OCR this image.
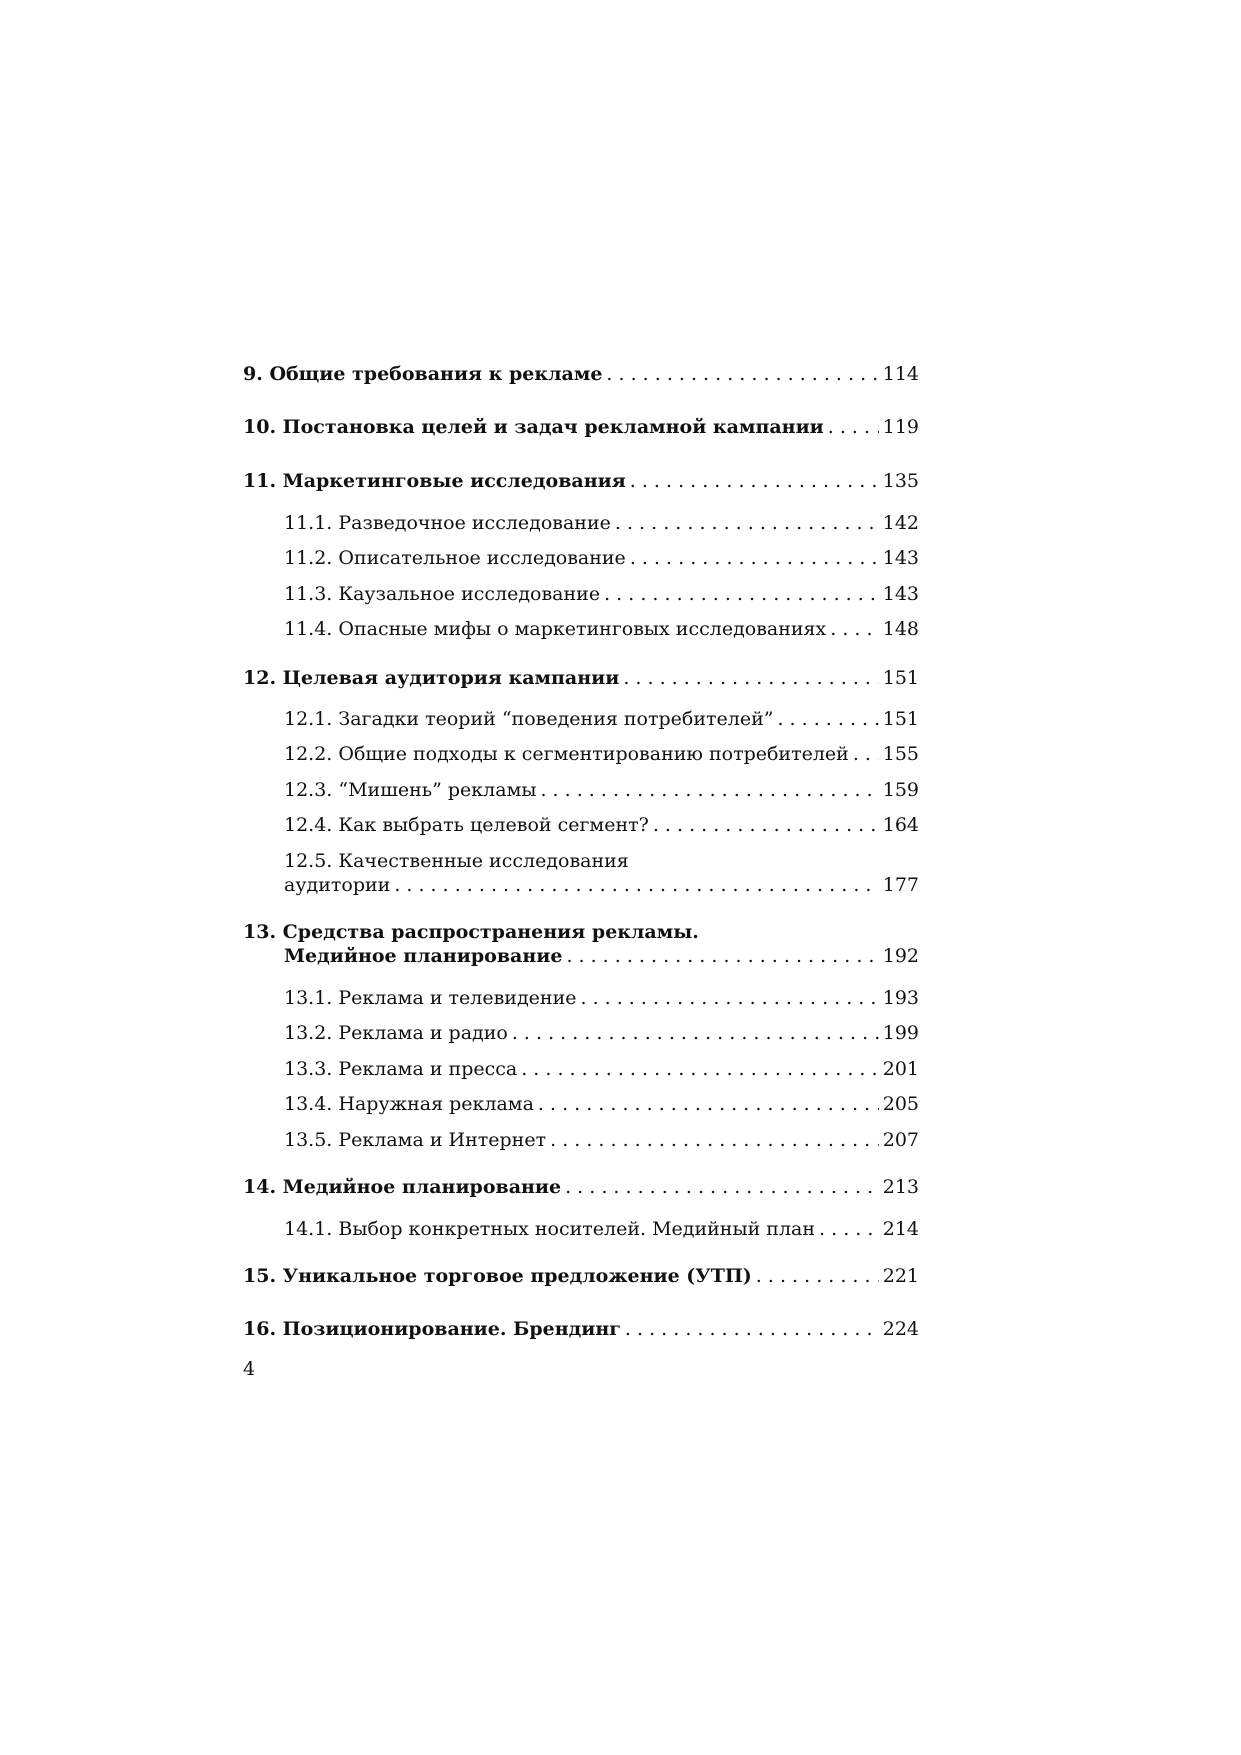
9. Общие требования к рекламе . . .	114
10. Постановка целей и задач рекламной кампании . . .	119
11. Маркетинговые исследования . . .	135
11.1. Разведочное исследование . . .	142
11.2. Описательное исследование . . .	143
11.3. Каузальное исследование . . .	143
11.4. Опасные мифы о маркетинговых исследованиях . . .	148
12. Целевая аудитория кампании . . .	151
12.1. Загадки теорий “поведения потребителей” . . .	151
12.2. Общие подходы к сегментированию потребителей . . . 155
12.3. “Мишень” рекламы . . .	159
12.4. Как выбрать целевой сегмент? . . .	164
12.5. Качественные исследования
аудитории . . .	177
13. Средства распространения рекламы.
Медийное планирование . . .	192
13.1. Реклама и телевидение . . .	193
13.2. Реклама и радио . . .	199
13.3. Реклама и пресса . . .	201
13.4. Наружная реклама . . .	205
13.5. Реклама и Интернет . . .	207
14. Медийное планирование . . .	213
14.1. Выбор конкретных носителей. Медийный план . . .	214
15. Уникальное торговое предложение (УТП) . . .	221
16. Позиционирование. Брендинг . . .	224
4
